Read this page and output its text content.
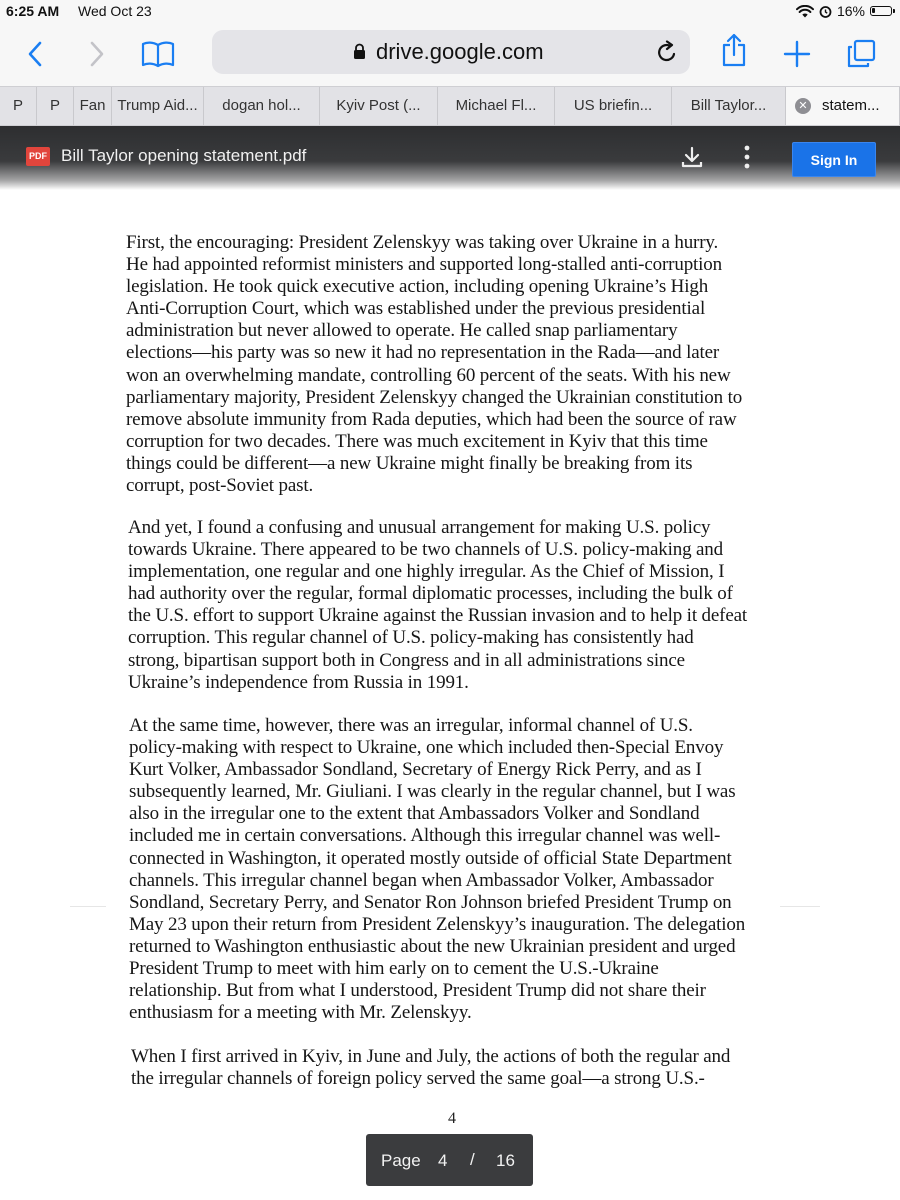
6:25 AM Wed Oct 23	16%
drive.google.com
P	P	Fan Trump Aid...	dogan hol...	Kyiv Post (...	Michael Fl...	US briefin...	Bill Taylor...	✕ statem...
PDF Bill Taylor opening statement.pdf	Sign In

First, the encouraging: President Zelenskyy was taking over Ukraine in a hurry.
He had appointed reformist ministers and supported long-stalled anti-corruption
legislation. He took quick executive action, including opening Ukraine’s High
Anti-Corruption Court, which was established under the previous presidential
administration but never allowed to operate. He called snap parliamentary
elections—his party was so new it had no representation in the Rada—and later
won an overwhelming mandate, controlling 60 percent of the seats. With his new
parliamentary majority, President Zelenskyy changed the Ukrainian constitution to
remove absolute immunity from Rada deputies, which had been the source of raw
corruption for two decades. There was much excitement in Kyiv that this time
things could be different—a new Ukraine might finally be breaking from its
corrupt, post-Soviet past.

And yet, I found a confusing and unusual arrangement for making U.S. policy
towards Ukraine. There appeared to be two channels of U.S. policy-making and
implementation, one regular and one highly irregular. As the Chief of Mission, I
had authority over the regular, formal diplomatic processes, including the bulk of
the U.S. effort to support Ukraine against the Russian invasion and to help it defeat
corruption. This regular channel of U.S. policy-making has consistently had
strong, bipartisan support both in Congress and in all administrations since
Ukraine’s independence from Russia in 1991.

At the same time, however, there was an irregular, informal channel of U.S.
policy-making with respect to Ukraine, one which included then-Special Envoy
Kurt Volker, Ambassador Sondland, Secretary of Energy Rick Perry, and as I
subsequently learned, Mr. Giuliani. I was clearly in the regular channel, but I was
also in the irregular one to the extent that Ambassadors Volker and Sondland
included me in certain conversations. Although this irregular channel was well-
connected in Washington, it operated mostly outside of official State Department
channels. This irregular channel began when Ambassador Volker, Ambassador
Sondland, Secretary Perry, and Senator Ron Johnson briefed President Trump on
May 23 upon their return from President Zelenskyy’s inauguration. The delegation
returned to Washington enthusiastic about the new Ukrainian president and urged
President Trump to meet with him early on to cement the U.S.-Ukraine
relationship. But from what I understood, President Trump did not share their
enthusiasm for a meeting with Mr. Zelenskyy.

When I first arrived in Kyiv, in June and July, the actions of both the regular and
the irregular channels of foreign policy served the same goal—a strong U.S.-

4
Page 4 / 16
